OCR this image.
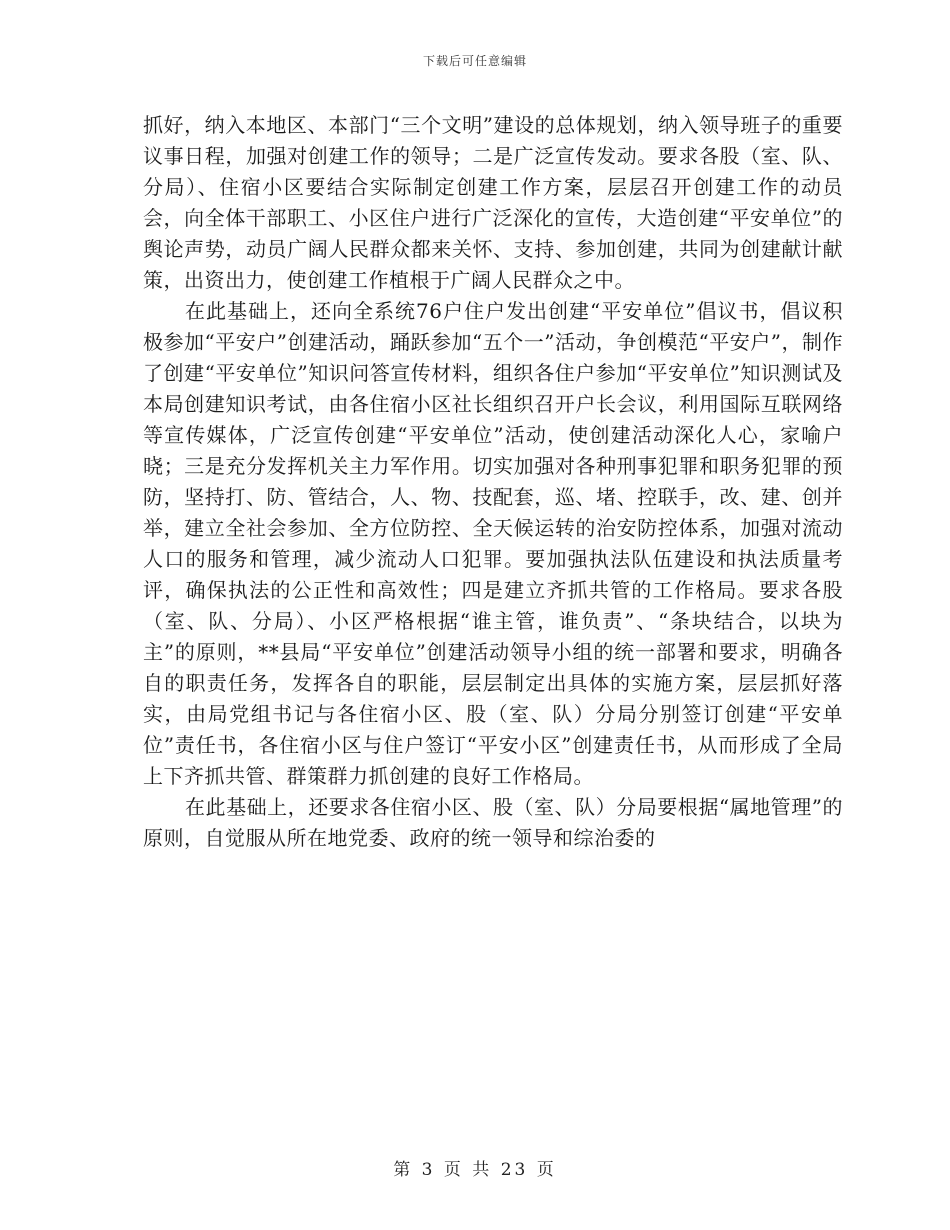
下载后可任意编辑

抓好，纳入本地区、本部门“三个文明”建设的总体规划，纳入领导班子的重要议事日程，加强对创建工作的领导；二是广泛宣传发动。要求各股（室、队、分局）、住宿小区要结合实际制定创建工作方案，层层召开创建工作的动员会，向全体干部职工、小区住户进行广泛深化的宣传，大造创建“平安单位”的舆论声势，动员广阔人民群众都来关怀、支持、参加创建，共同为创建献计献策，出资出力，使创建工作植根于广阔人民群众之中。

在此基础上，还向全系统76户住户发出创建“平安单位”倡议书，倡议积极参加“平安户”创建活动，踊跃参加“五个一”活动，争创模范“平安户”，制作了创建“平安单位”知识问答宣传材料，组织各住户参加“平安单位”知识测试及本局创建知识考试，由各住宿小区社长组织召开户长会议，利用国际互联网络等宣传媒体，广泛宣传创建“平安单位”活动，使创建活动深化人心，家喻户晓；三是充分发挥机关主力军作用。切实加强对各种刑事犯罪和职务犯罪的预防，坚持打、防、管结合，人、物、技配套，巡、堵、控联手，改、建、创并举，建立全社会参加、全方位防控、全天候运转的治安防控体系，加强对流动人口的服务和管理，减少流动人口犯罪。要加强执法队伍建设和执法质量考评，确保执法的公正性和高效性；四是建立齐抓共管的工作格局。要求各股（室、队、分局）、小区严格根据“谁主管，谁负责”、“条块结合，以块为主”的原则，**县局“平安单位”创建活动领导小组的统一部署和要求，明确各自的职责任务，发挥各自的职能，层层制定出具体的实施方案，层层抓好落实，由局党组书记与各住宿小区、股（室、队）分局分别签订创建“平安单位”责任书，各住宿小区与住户签订“平安小区”创建责任书，从而形成了全局上下齐抓共管、群策群力抓创建的良好工作格局。

在此基础上，还要求各住宿小区、股（室、队）分局要根据“属地管理”的原则，自觉服从所在地党委、政府的统一领导和综治委的

第 3 页 共 23 页
